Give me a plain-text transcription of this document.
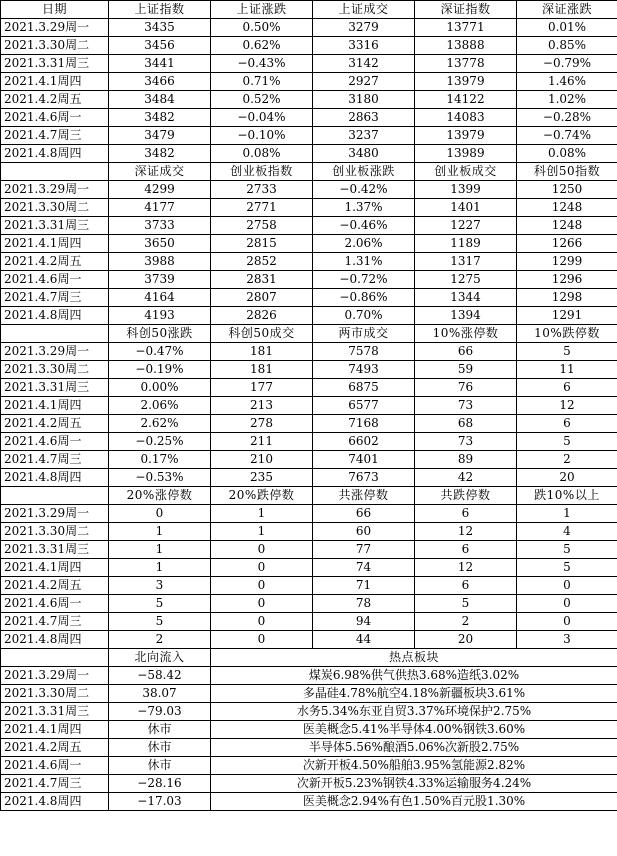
日期	上证指数	上证涨跌	上证成交	深证指数	深证涨跌
2021.3.29周一	3435	0.50%	3279	13771	0.01%
2021.3.30周二	3456	0.62%	3316	13888	0.85%
2021.3.31周三	3441	−0.43%	3142	13778	−0.79%
2021.4.1周四	3466	0.71%	2927	13979	1.46%
2021.4.2周五	3484	0.52%	3180	14122	1.02%
2021.4.6周一	3482	−0.04%	2863	14083	−0.28%
2021.4.7周三	3479	−0.10%	3237	13979	−0.74%
2021.4.8周四	3482	0.08%	3480	13989	0.08%
	深证成交	创业板指数	创业板涨跌	创业板成交	科创50指数
2021.3.29周一	4299	2733	−0.42%	1399	1250
2021.3.30周二	4177	2771	1.37%	1401	1248
2021.3.31周三	3733	2758	−0.46%	1227	1248
2021.4.1周四	3650	2815	2.06%	1189	1266
2021.4.2周五	3988	2852	1.31%	1317	1299
2021.4.6周一	3739	2831	−0.72%	1275	1296
2021.4.7周三	4164	2807	−0.86%	1344	1298
2021.4.8周四	4193	2826	0.70%	1394	1291
	科创50涨跌	科创50成交	两市成交	10%涨停数	10%跌停数
2021.3.29周一	−0.47%	181	7578	66	5
2021.3.30周二	−0.19%	181	7493	59	11
2021.3.31周三	0.00%	177	6875	76	6
2021.4.1周四	2.06%	213	6577	73	12
2021.4.2周五	2.62%	278	7168	68	6
2021.4.6周一	−0.25%	211	6602	73	5
2021.4.7周三	0.17%	210	7401	89	2
2021.4.8周四	−0.53%	235	7673	42	20
	20%涨停数	20%跌停数	共涨停数	共跌停数	跌10%以上
2021.3.29周一	0	1	66	6	1
2021.3.30周二	1	1	60	12	4
2021.3.31周三	1	0	77	6	5
2021.4.1周四	1	0	74	12	5
2021.4.2周五	3	0	71	6	0
2021.4.6周一	5	0	78	5	0
2021.4.7周三	5	0	94	2	0
2021.4.8周四	2	0	44	20	3
	北向流入	热点板块			
2021.3.29周一	−58.42	煤炭6.98%供气供热3.68%造纸3.02%			
2021.3.30周二	38.07	多晶硅4.78%航空4.18%新疆板块3.61%			
2021.3.31周三	−79.03	水务5.34%东亚自贸3.37%环境保护2.75%			
2021.4.1周四	休市	医美概念5.41%半导体4.00%钢铁3.60%			
2021.4.2周五	休市	半导体5.56%酿酒5.06%次新股2.75%			
2021.4.6周一	休市	次新开板4.50%船舶3.95%氢能源2.82%			
2021.4.7周三	−28.16	次新开板5.23%钢铁4.33%运输服务4.24%			
2021.4.8周四	−17.03	医美概念2.94%有色1.50%百元股1.30%			
